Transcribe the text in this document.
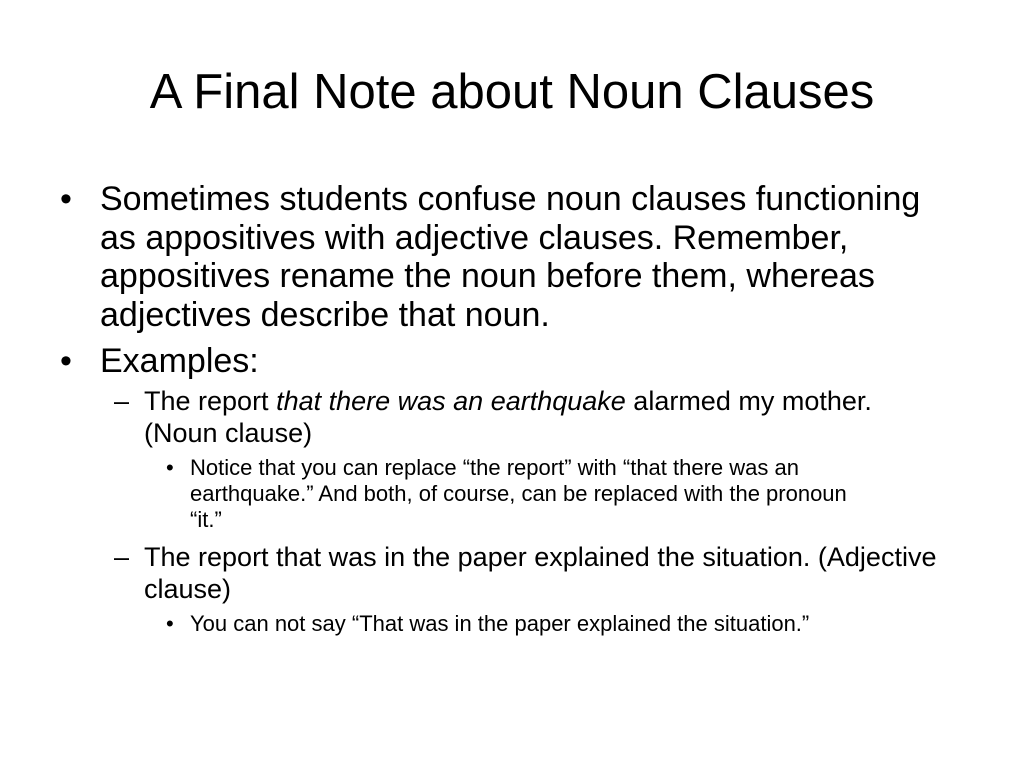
A Final Note about Noun Clauses
• Sometimes students confuse noun clauses functioning as appositives with adjective clauses. Remember, appositives rename the noun before them, whereas adjectives describe that noun.
• Examples:
– The report that there was an earthquake alarmed my mother. (Noun clause)
• Notice that you can replace “the report” with “that there was an earthquake.” And both, of course, can be replaced with the pronoun “it.”
– The report that was in the paper explained the situation. (Adjective clause)
• You can not say “That was in the paper explained the situation.”
